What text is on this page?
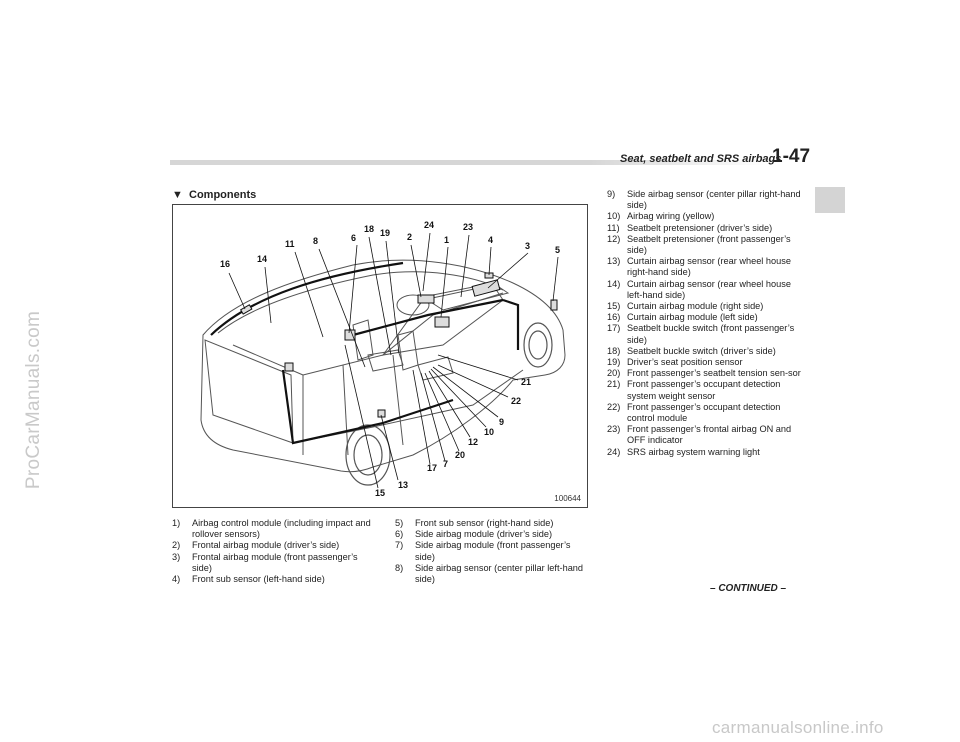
ProCarManuals.com
Seat, seatbelt and SRS airbags
1-47
▼ Components
16	14
11 8	6
18 19 2
24
1
23
4
3	5
21
22
9
10
12
20
7
17
13
15
100644
1)	Airbag control module (including impact and rollover sensors)
2)	Frontal airbag module (driver’s side)
3)	Frontal airbag module (front passenger’s side)
4)	Front sub sensor (left-hand side)
5)	Front sub sensor (right-hand side)
6)	Side airbag module (driver’s side)
7)	Side airbag module (front passenger’s side)
8)	Side airbag sensor (center pillar left-hand side)
9)	Side airbag sensor (center pillar right-hand side)
10) Airbag wiring (yellow)
11) Seatbelt pretensioner (driver’s side)
12) Seatbelt pretensioner (front passenger’s side)
13) Curtain airbag sensor (rear wheel house right-hand side)
14) Curtain airbag sensor (rear wheel house left-hand side)
15) Curtain airbag module (right side)
16) Curtain airbag module (left side)
17) Seatbelt buckle switch (front passenger’s side)
18) Seatbelt buckle switch (driver’s side)
19) Driver’s seat position sensor
20) Front passenger’s seatbelt tension sen-sor
21) Front passenger’s occupant detection system weight sensor
22) Front passenger’s occupant detection control module
23) Front passenger’s frontal airbag ON and OFF indicator
24) SRS airbag system warning light
– CONTINUED –
carmanualsonline.info
